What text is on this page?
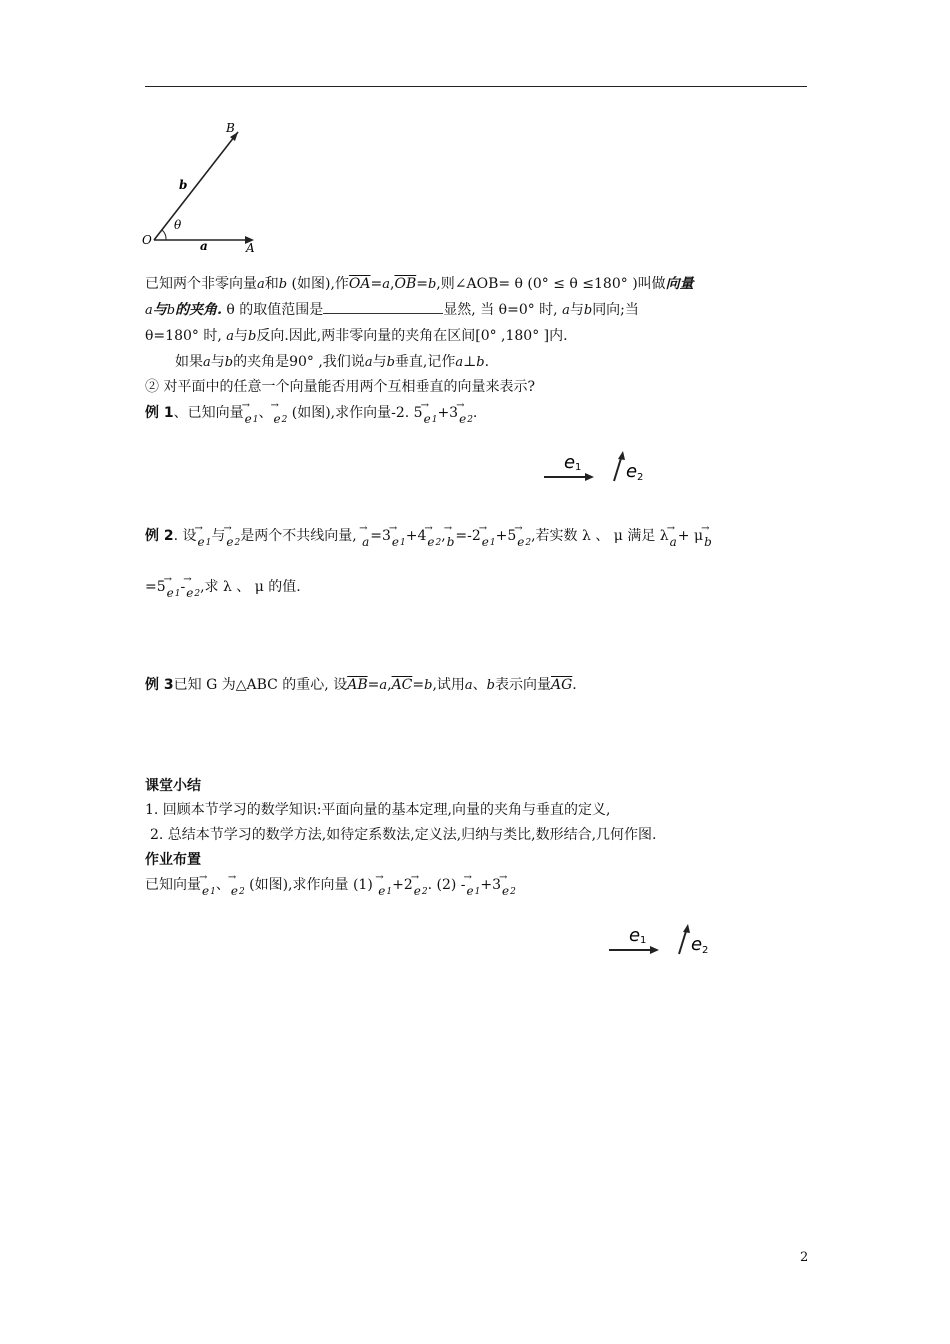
B
b
O
θ
a	A
已知两个非零向量a和b (如图),作$\overline{OA}=a,\overline{OB}=b$,则∠AOB= θ (0° ≤ θ ≤180° )叫做向量
a与b的夹角. θ 的取值范围是	显然, 当 θ=0° 时, a与b同向;当
θ=180° 时, a与b反向.因此,两非零向量的夹角在区间[0° ,180° ]内.
如果a与b的夹角是90° ,我们说a与b垂直,记作a⊥b.
② 对平面中的任意一个向量能否用两个互相垂直的向量来表示?
例 1、已知向量→ $e_1$、→ $e_2$ (如图),求作向量-2. $5\to e_1+3\to e_2$.
e 1 e 2
例 2. 设→ $e_1$与→ $e_2$是两个不共线向量, → $a=3\to e_1+4\to e_2,\to b=-2\to e_1+5\to e_2$,若实数 λ 、 μ 满足 λ→ a+ μ→ b
$=5\to e_1-\to e_2$,求 λ 、 μ 的值.
例 3已知 G 为△ABC 的重心, 设$\overline{AB}=a,\overline{AC}=b$,试用a、b表示向量$\overline{AG}$.
课堂小结
1. 回顾本节学习的数学知识:平面向量的基本定理,向量的夹角与垂直的定义,
2. 总结本节学习的数学方法,如待定系数法,定义法,归纳与类比,数形结合,几何作图.
作业布置
已知向量→ $e_1$、→ $e_2$ (如图),求作向量 $(1) \to e_1+2\to e_2$. $(2) -\to e_1+3\to e_2$
e 1 e 2
2
